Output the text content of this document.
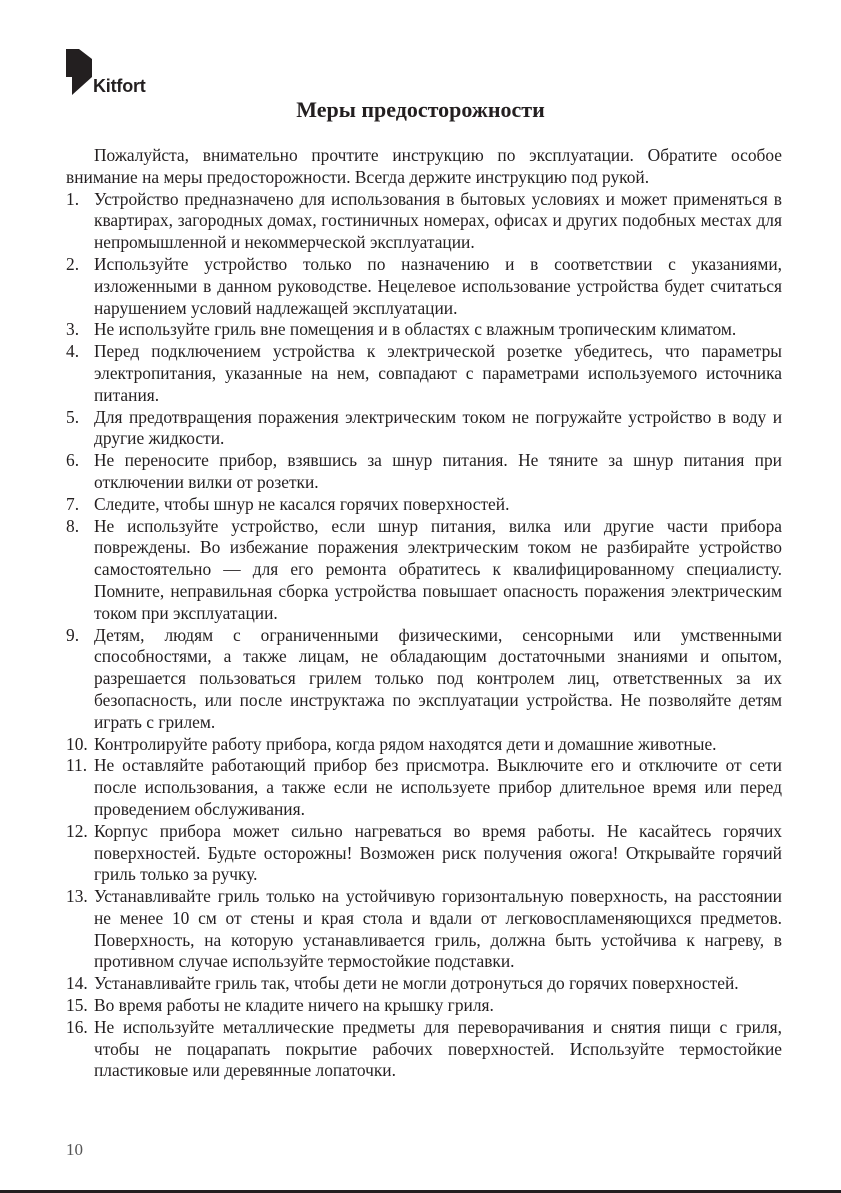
Kitfort
Меры предосторожности

Пожалуйста, внимательно прочтите инструкцию по эксплуатации. Обратите особое внимание на меры предосторожности. Всегда держите инструкцию под рукой.

1. Устройство предназначено для использования в бытовых условиях и может применяться в квартирах, загородных домах, гостиничных номерах, офисах и других подобных местах для непромышленной и некоммерческой эксплуатации.
2. Используйте устройство только по назначению и в соответствии с указаниями, изложенными в данном руководстве. Нецелевое использование устройства будет считаться нарушением условий надлежащей эксплуатации.
3. Не используйте гриль вне помещения и в областях с влажным тропическим климатом.
4. Перед подключением устройства к электрической розетке убедитесь, что параметры электропитания, указанные на нем, совпадают с параметрами используемого источника питания.
5. Для предотвращения поражения электрическим током не погружайте устройство в воду и другие жидкости.
6. Не переносите прибор, взявшись за шнур питания. Не тяните за шнур питания при отключении вилки от розетки.
7. Следите, чтобы шнур не касался горячих поверхностей.
8. Не используйте устройство, если шнур питания, вилка или другие части прибора повреждены. Во избежание поражения электрическим током не разбирайте устройство самостоятельно — для его ремонта обратитесь к квалифицированному специалисту. Помните, неправильная сборка устройства повышает опасность поражения электрическим током при эксплуатации.
9. Детям, людям с ограниченными физическими, сенсорными или умственными способностями, а также лицам, не обладающим достаточными знаниями и опытом, разрешается пользоваться грилем только под контролем лиц, ответственных за их безопасность, или после инструктажа по эксплуатации устройства. Не позволяйте детям играть с грилем.
10. Контролируйте работу прибора, когда рядом находятся дети и домашние животные.
11. Не оставляйте работающий прибор без присмотра. Выключите его и отключите от сети после использования, а также если не используете прибор длительное время или перед проведением обслуживания.
12. Корпус прибора может сильно нагреваться во время работы. Не касайтесь горячих поверхностей. Будьте осторожны! Возможен риск получения ожога! Открывайте горячий гриль только за ручку.
13. Устанавливайте гриль только на устойчивую горизонтальную поверхность, на расстоянии не менее 10 см от стены и края стола и вдали от легковоспламеняющихся предметов. Поверхность, на которую устанавливается гриль, должна быть устойчива к нагреву, в противном случае используйте термостойкие подставки.
14. Устанавливайте гриль так, чтобы дети не могли дотронуться до горячих поверхностей.
15. Во время работы не кладите ничего на крышку гриля.
16. Не используйте металлические предметы для переворачивания и снятия пищи с гриля, чтобы не поцарапать покрытие рабочих поверхностей. Используйте термостойкие пластиковые или деревянные лопаточки.
10
